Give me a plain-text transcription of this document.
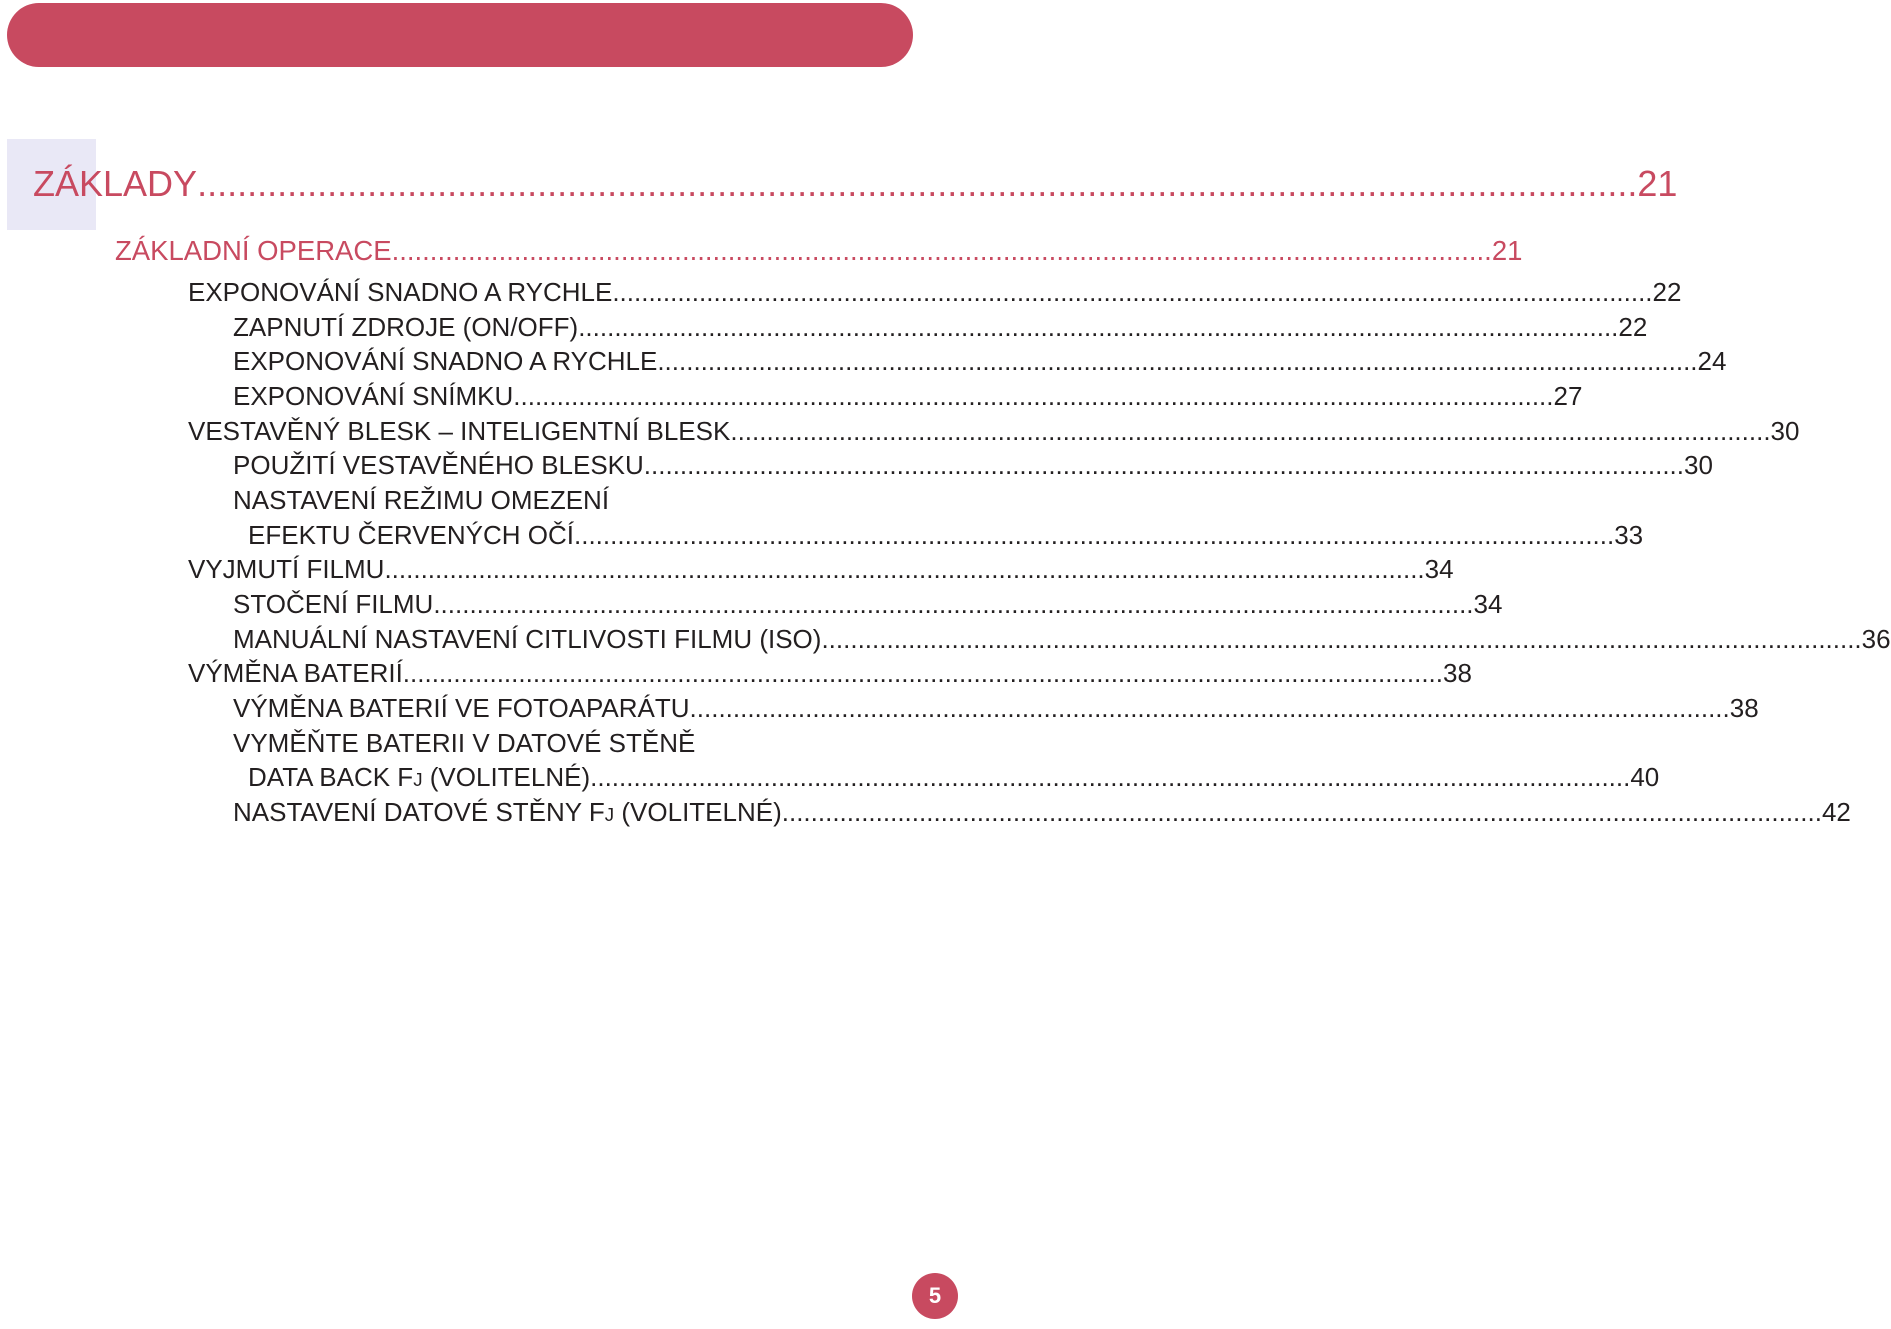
ZÁKLADY ................................................................................................................................................ 21
ZÁKLADNÍ OPERACE ................................................................................................................................................ 21
EXPONOVÁNÍ SNADNO A RYCHLE ................................................................................................................................................ 22
ZAPNUTÍ ZDROJE (ON/OFF) ................................................................................................................................................ 22
EXPONOVÁNÍ SNADNO A RYCHLE ................................................................................................................................................ 24
EXPONOVÁNÍ SNÍMKU ................................................................................................................................................ 27
VESTAVĚNÝ BLESK – INTELIGENTNÍ BLESK ................................................................................................................................................ 30
POUŽITÍ VESTAVĚNÉHO BLESKU ................................................................................................................................................ 30
NASTAVENÍ REŽIMU OMEZENÍ
EFEKTU ČERVENÝCH OČÍ ................................................................................................................................................ 33
VYJMUTÍ FILMU ................................................................................................................................................ 34
STOČENÍ FILMU ................................................................................................................................................ 34
MANUÁLNÍ NASTAVENÍ CITLIVOSTI FILMU (ISO) ................................................................................................................................................ 36
VÝMĚNA BATERIÍ ................................................................................................................................................ 38
VÝMĚNA BATERIÍ VE FOTOAPARÁTU ................................................................................................................................................ 38
VYMĚŇTE BATERII V DATOVÉ STĚNĚ
DATA BACK FJ (VOLITELNÉ) ................................................................................................................................................ 40
NASTAVENÍ DATOVÉ STĚNY FJ (VOLITELNÉ) ................................................................................................................................................ 42
5
